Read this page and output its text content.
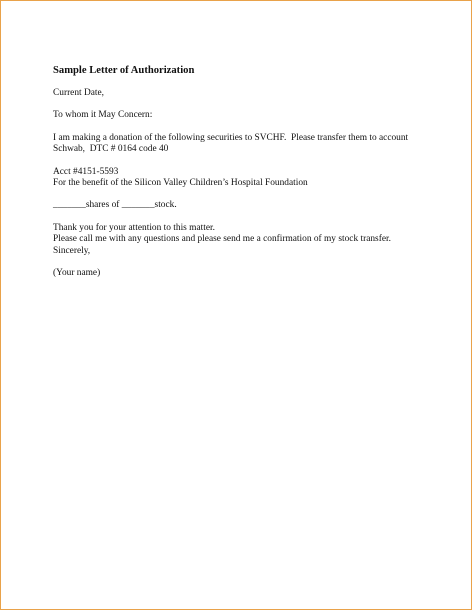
Sample Letter of Authorization
Current Date,
To whom it May Concern:
I am making a donation of the following securities to SVCHF.  Please transfer them to account
Schwab,  DTC # 0164 code 40
Acct #4151-5593
For the benefit of the Silicon Valley Children’s Hospital Foundation
_______shares of _______stock.
Thank you for your attention to this matter.
Please call me with any questions and please send me a confirmation of my stock transfer.
Sincerely,
(Your name)
